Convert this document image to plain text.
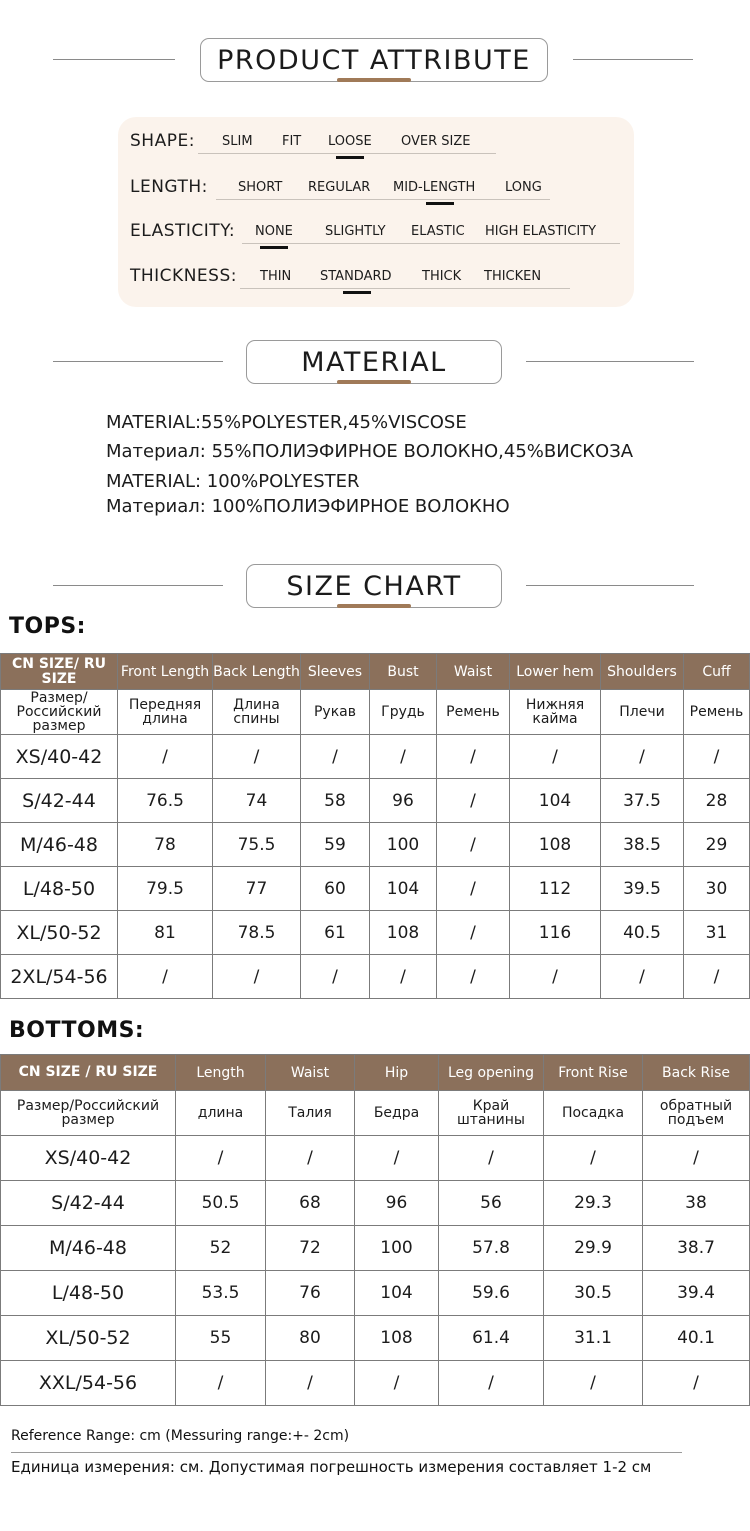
PRODUCT ATTRIBUTE
SHAPE: SLIM FIT LOOSE OVER SIZE
LENGTH: SHORT REGULAR MID-LENGTH LONG
ELASTICITY: NONE SLIGHTLY ELASTIC HIGH ELASTICITY
THICKNESS: THIN STANDARD THICK THICKEN
MATERIAL
MATERIAL:55%POLYESTER,45%VISCOSE
Материал: 55%ПОЛИЭФИРНОЕ ВОЛОКНО,45%ВИСКОЗА
MATERIAL: 100%POLYESTER
Материал: 100%ПОЛИЭФИРНОЕ ВОЛОКНО
SIZE CHART
TOPS:
CN SIZE/ RU SIZE	Front Length	Back Length	Sleeves	Bust	Waist	Lower hem	Shoulders	Cuff
Размер/ Российский размер	Передняя длина	Длина спины	Рукав	Грудь	Ремень	Нижняя кайма	Плечи	Ремень
XS/40-42	/	/	/	/	/	/	/	/
S/42-44	76.5	74	58	96	/	104	37.5	28
M/46-48	78	75.5	59	100	/	108	38.5	29
L/48-50	79.5	77	60	104	/	112	39.5	30
XL/50-52	81	78.5	61	108	/	116	40.5	31
2XL/54-56	/	/	/	/	/	/	/	/
BOTTOMS:
CN SIZE / RU SIZE	Length	Waist	Hip	Leg opening	Front Rise	Back Rise
Размер/Российский размер	длина	Талия	Бедра	Край штанины	Посадка	обратный подъем
XS/40-42	/	/	/	/	/	/
S/42-44	50.5	68	96	56	29.3	38
M/46-48	52	72	100	57.8	29.9	38.7
L/48-50	53.5	76	104	59.6	30.5	39.4
XL/50-52	55	80	108	61.4	31.1	40.1
XXL/54-56	/	/	/	/	/	/
Reference Range: cm (Messuring range:+- 2cm)
Единица измерения: см. Допустимая погрешность измерения составляет 1-2 см
